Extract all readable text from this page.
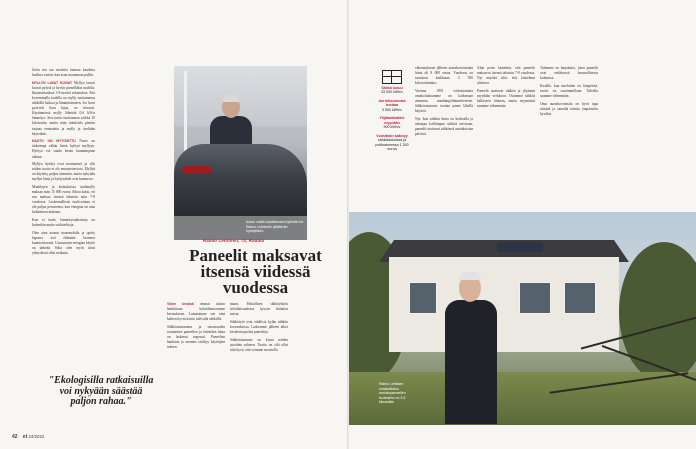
Joten sen saa moitetta kannua kaudetta huoltoa varten, kun asuu muutaman pullin.

MYLLYN LAVAT KUIVAT Myllyn laavat kuivat pyöriä ja hyviin pienelläkin tuulella. Ilmanvirtaukset 3-8 metriä sekunnissa. Sitä kovemmalla tuulella on mylly tuottamansa sähköllä kaikua ja lämmittämisen. Jos lavat pyörivät liian lujaa, ne irtoavat. Käytännössä mylly lähettää 0,6 kW:n lämmitys. Sen tuotto tuottamaan vaikka 10 kilowattia, mutta näin sääolotila pieniin tarjoaa ennustetta ja mylly ja itseltään käytetään.

NASTO ON MYTOISTTU Nasto on tärkeämpi vähän lisinä hyötyä myllyyn. Hyötyä voi saada kesän kuumimpana aikana.

Myllyn hyödyt ovat moninaiset ja silti niiden tuotto ei ole ennustettavissa. Myllyä on käytetty paljon aiemmin, mutta nykyään myllyn hinta ja hyötysuhde ovat kunnossa.

Maatilojen ja keskuksissa tuulimylly maksaa noin 15 000 euroa. Siltoa kaksi, eri sen maksaa itsensä takaisin noin 7-8 vuodessa. Laskennallisen tuulivoiman ei ole paljoa perusteena, kun energiaa on aina kulutuksen mukaan.

Kun ei tuule, lämmitysratkaisuja on kuitenkin muita vaihtoehtoja.

Olen aina asunut maaseudulla ja opitty lapsena asti elämään luonnon kunnioittavasti. Uusiutuvan energian käyttö on tärkeää. Siksi olen myös tässä yhteydessä ollut mukana.

Auton vaihto ladattavaan hybridiin toi Raimo Lehtiselle yllättävän hyödyllisen.
Raimo Lehtinen, 73, Rauma
Paneelit maksavat itsensä viidessä vuodessa

Viime kesänä ommat taloon hankittuun hybridiautoomme kertaukseen. Lainasimme sen aina kaiken hyvin kotiin tulevalla sähköllä.

Sähköntuotannon ja omaisuuden tuottamien paneelien ja laitteiden hinta on laskenut nopeasti. Paneelien hankinta ja asennus sisältyy käyttäjien tukeen.

maan. Paikallisen sähköyhtiön infotilaisuudessa kysyin lisäinfoa tuesta.

Sähkötyöt ovat edullisia kylän sähkön korvauksissa. Laskemme jälkeen alkoi kestävän puolen paneeleja.

Sähköntuotanto on kivaa näiden asioiden suhteen. Tuotto on silti ollut niin hyvä, että voimme suositella.

"Ekologisilla ratkaisuilla voi nykyään säästää paljon rahaa."
42 et 24/2022
Raimo Lehtisen omakotitalon aurinkopaneelien tuottoteho on 3,5 kilowattia.

vähennykseen jälkeen aurinkovoimalan hinta oli 8 000 euroa. Vuodessa on tuottanut kaikkiaan 3 500 kilowattituntia.

Vuonna 1991 valmistunutta omakotitaloamme on kaikenaan aiemmin maalämpölämmitteiseen. Sähköntuotanto tuottaa panee lähellä käyttöä.

Nyt, kun sähkön hinta on korkealla ja aiempaa kalliimpaa sähköä tarvitaan, paneelit tuottavat sähkönsä aurinkoisina päivinä.

Alun perin laskettiin, että paneelit maksavat itsensä takaisin 7-8 vuodessa. Nyt näyttää siltä, että laskelmat alittuvat.

Paneelit tuottavat sähköä ja ylijäämä myydään verkkoon. Ostamme sähköä kalliiseen hintaan, mutta myynnistä saamme vähemmän.

Tulemme on harjakatto, joten paneelit ovat eteläisessä luonnollisessa kulmassa.

Kesällä, kun mieluiten on lämpöistä, tuotto on suurimmillaan. Talvella saamme vähemmän.

Oma aurinkovoimala on hyvä tapa säästää ja samalla toimia ympäristön hyväksi.

Sähkö kuluu
33 000 kWh/v
Aurinkovoimala tuottaa
3 500 kWh/v
Ylijäämäsähkö myydään
900 kWh/v
Vuosittain säästyy
sähkölaskuissa ja polttoaineessa 1 300 euroa
